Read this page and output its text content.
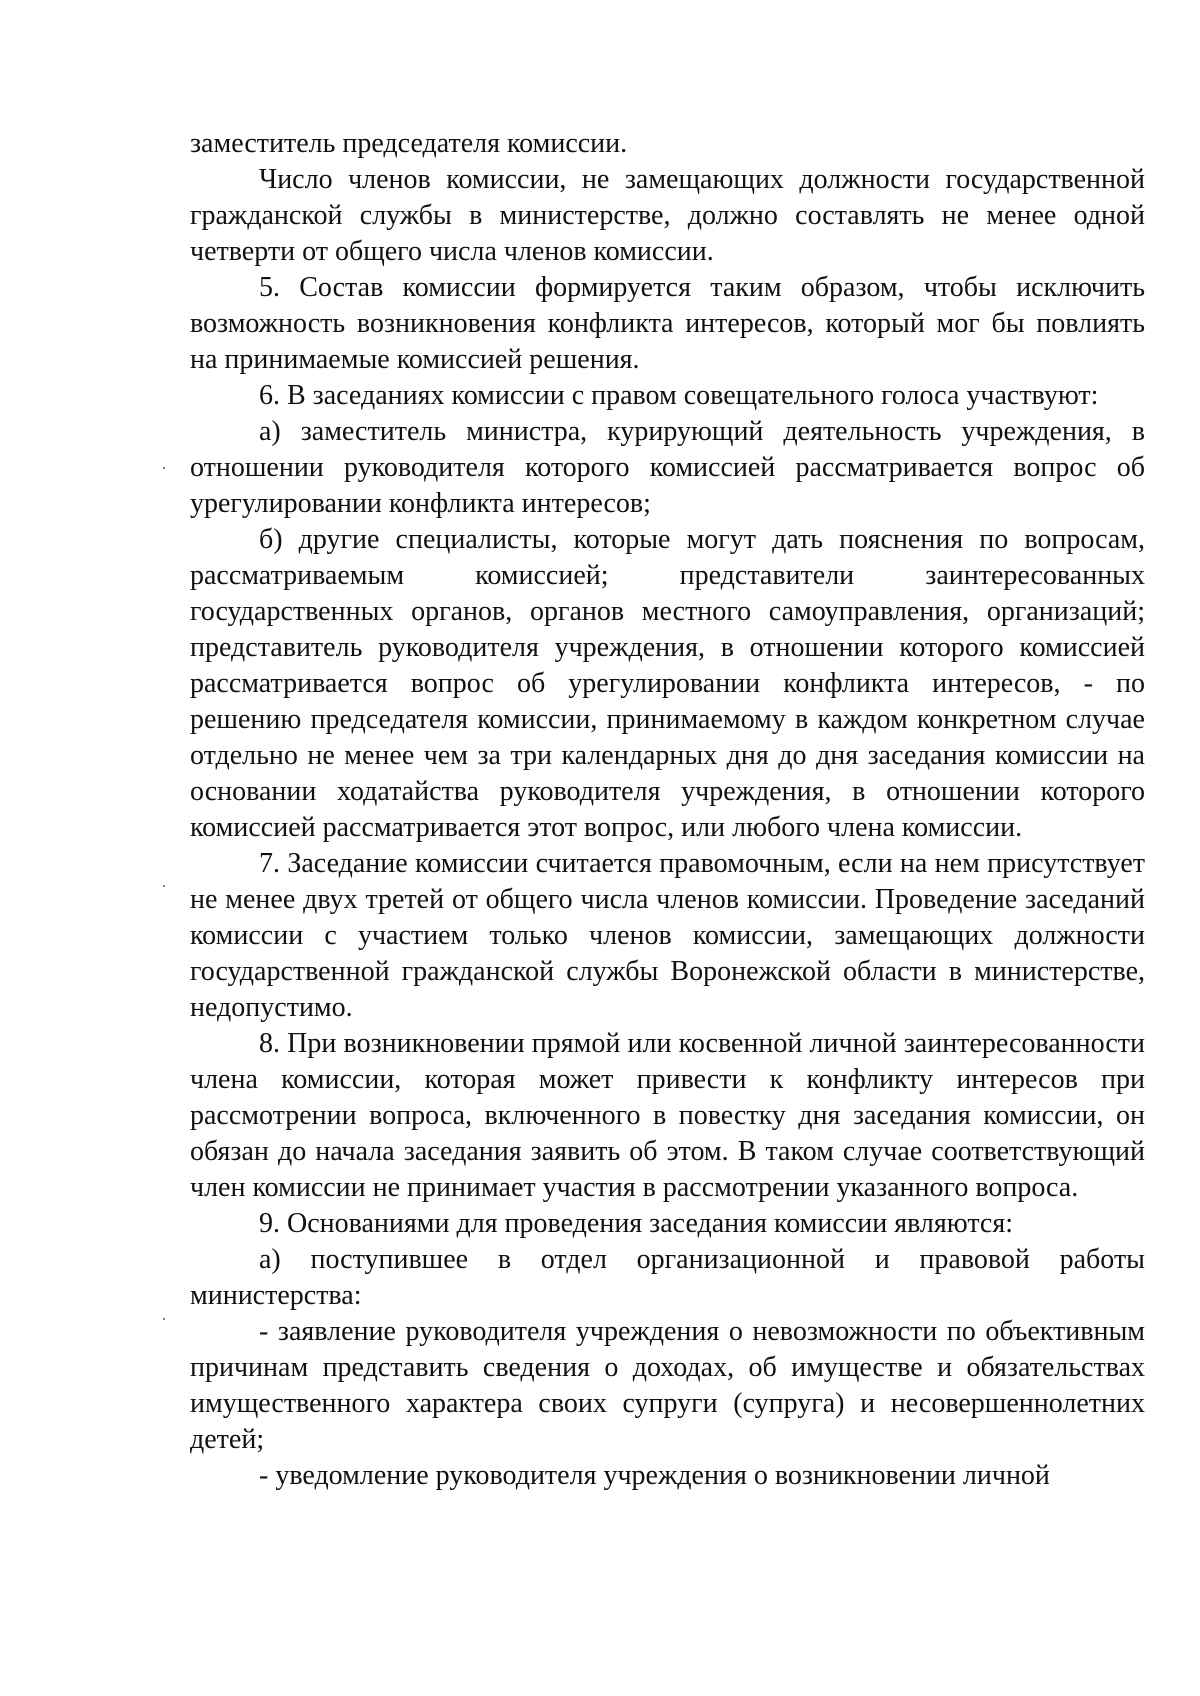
заместитель председателя комиссии.

Число членов комиссии, не замещающих должности государственной гражданской службы в министерстве, должно составлять не менее одной четверти от общего числа членов комиссии.

5. Состав комиссии формируется таким образом, чтобы исключить возможность возникновения конфликта интересов, который мог бы повлиять на принимаемые комиссией решения.

6. В заседаниях комиссии с правом совещательного голоса участвуют:

а) заместитель министра, курирующий деятельность учреждения, в отношении руководителя которого комиссией рассматривается вопрос об урегулировании конфликта интересов;

б) другие специалисты, которые могут дать пояснения по вопросам, рассматриваемым комиссией; представители заинтересованных государственных органов, органов местного самоуправления, организаций; представитель руководителя учреждения, в отношении которого комиссией рассматривается вопрос об урегулировании конфликта интересов, - по решению председателя комиссии, принимаемому в каждом конкретном случае отдельно не менее чем за три календарных дня до дня заседания комиссии на основании ходатайства руководителя учреждения, в отношении которого комиссией рассматривается этот вопрос, или любого члена комиссии.

7. Заседание комиссии считается правомочным, если на нем присутствует не менее двух третей от общего числа членов комиссии. Проведение заседаний комиссии с участием только членов комиссии, замещающих должности государственной гражданской службы Воронежской области в министерстве, недопустимо.

8. При возникновении прямой или косвенной личной заинтересованности члена комиссии, которая может привести к конфликту интересов при рассмотрении вопроса, включенного в повестку дня заседания комиссии, он обязан до начала заседания заявить об этом. В таком случае соответствующий член комиссии не принимает участия в рассмотрении указанного вопроса.

9. Основаниями для проведения заседания комиссии являются:

а) поступившее в отдел организационной и правовой работы министерства:

- заявление руководителя учреждения о невозможности по объективным причинам представить сведения о доходах, об имуществе и обязательствах имущественного характера своих супруги (супруга) и несовершеннолетних детей;

- уведомление руководителя учреждения о возникновении личной
